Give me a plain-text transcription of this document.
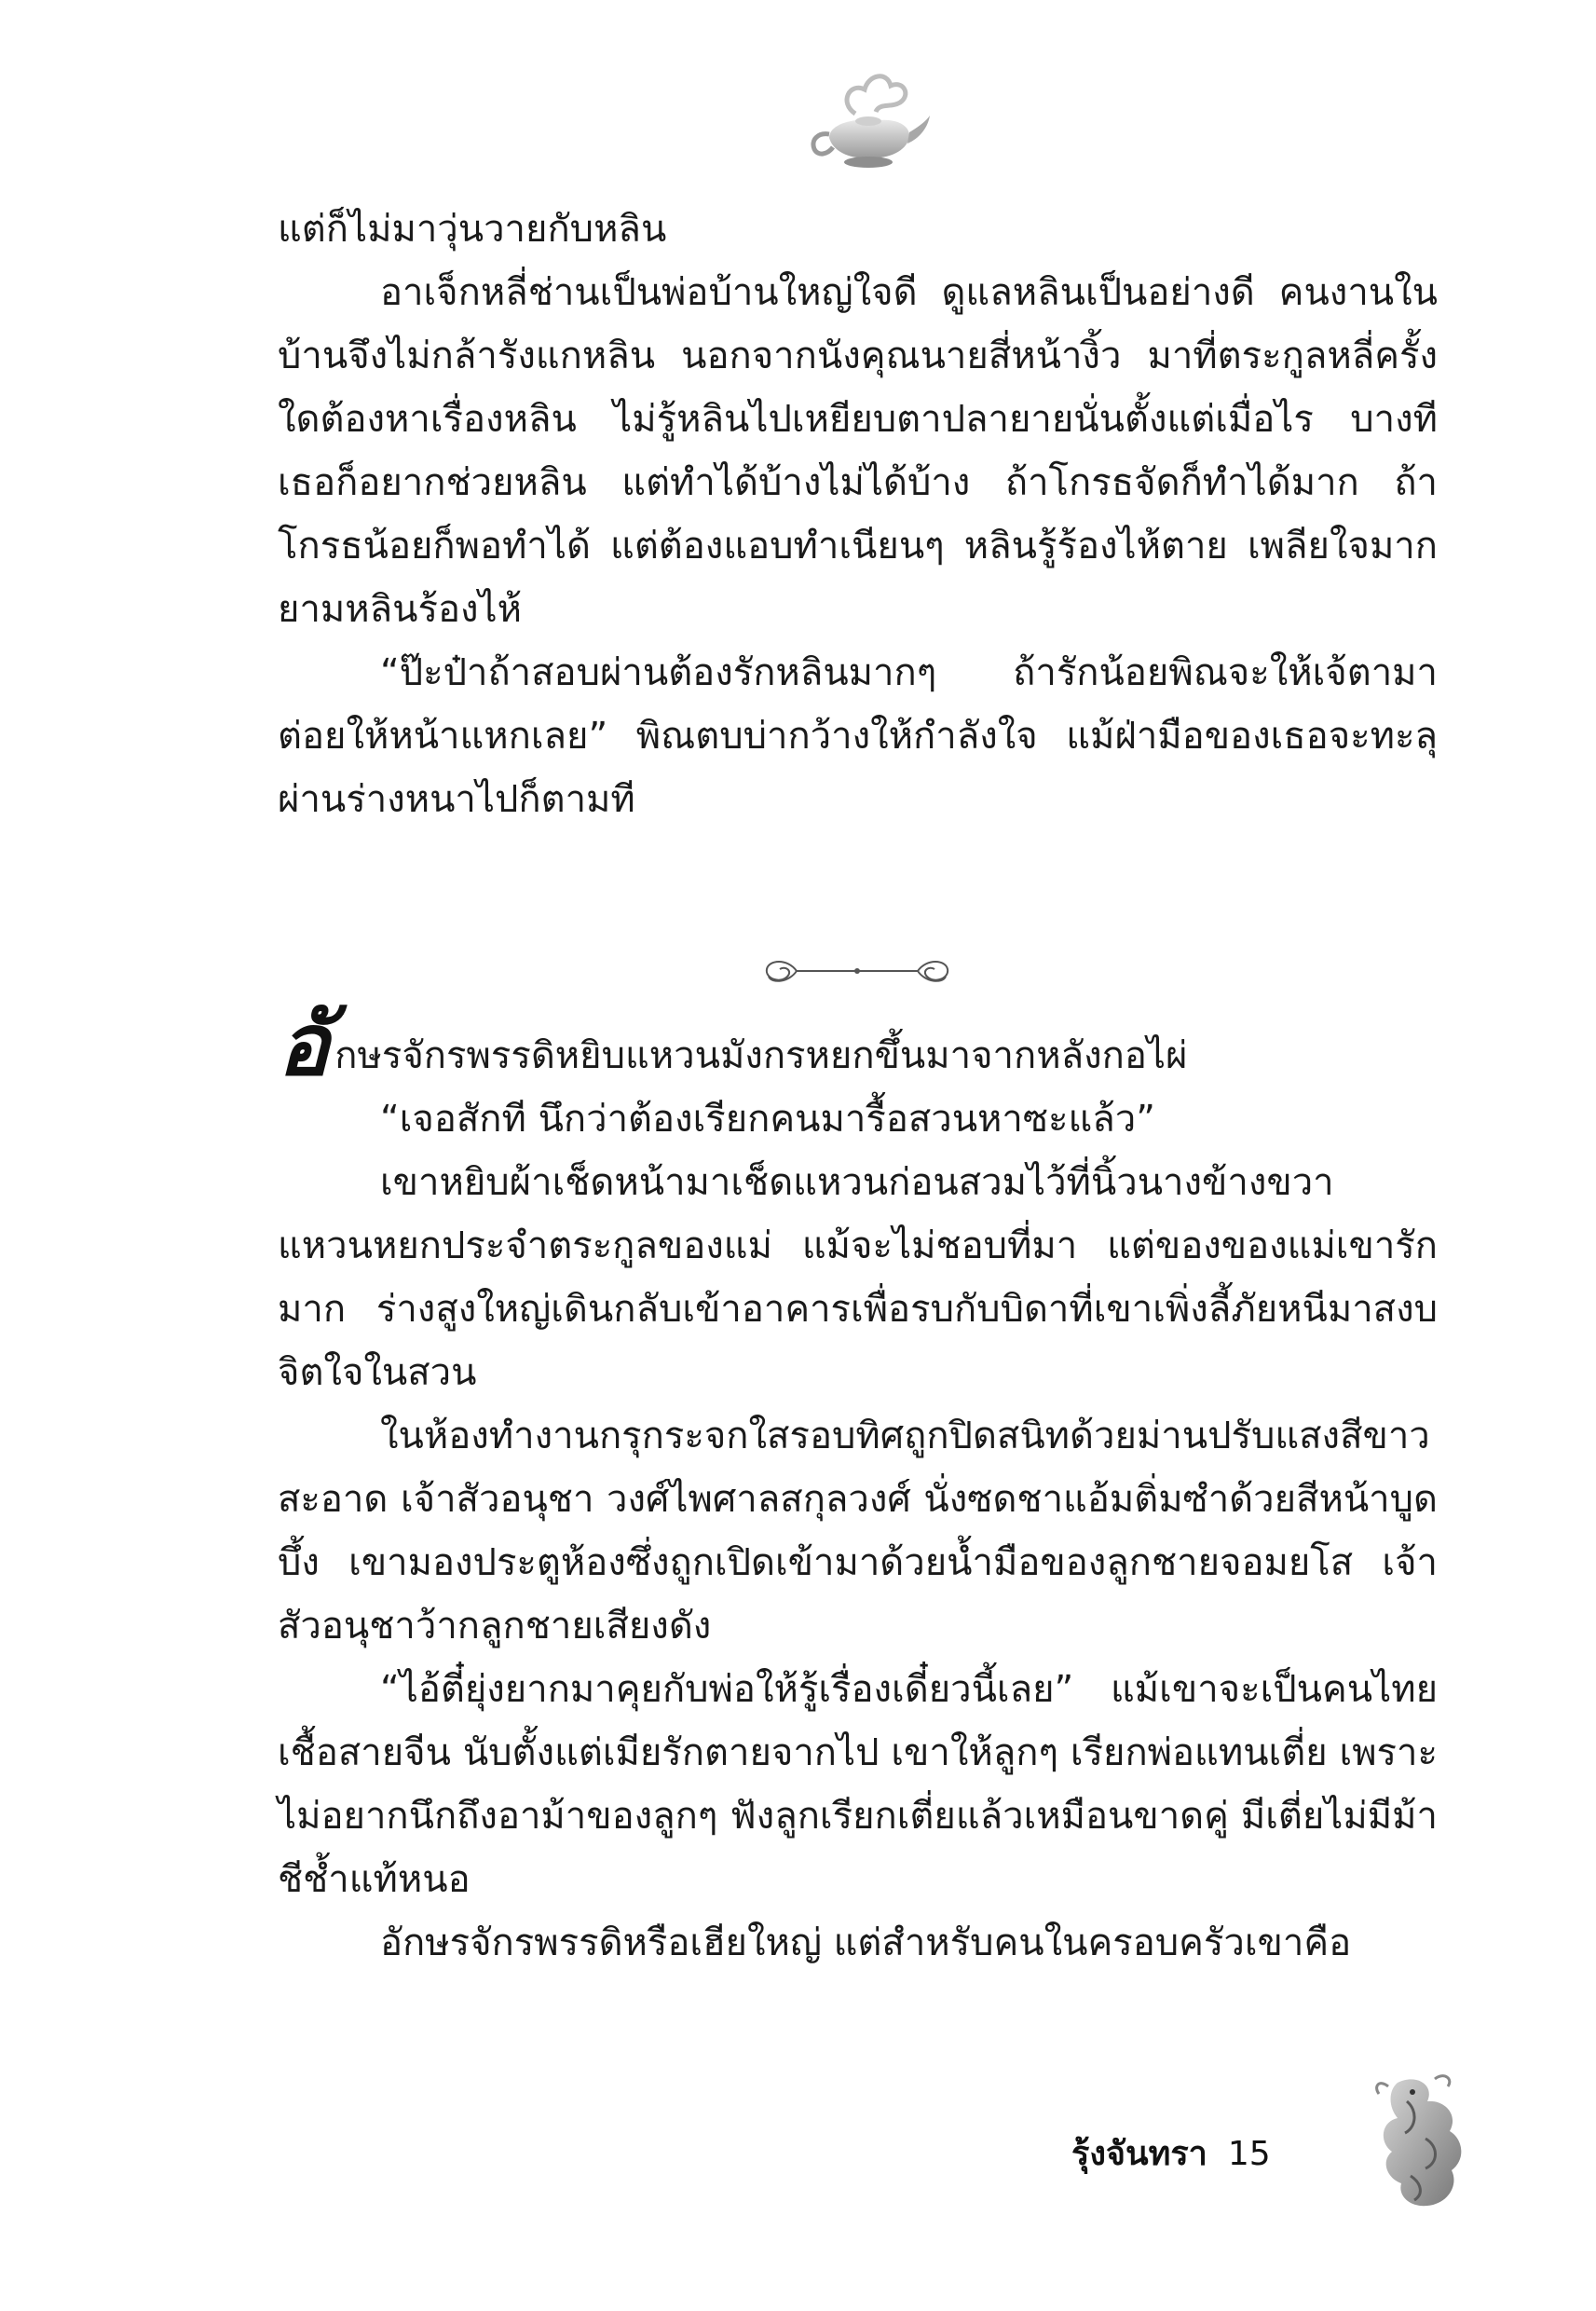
แต่ก็ไม่มาวุ่นวายกับหลิน

อาเจ็กหลี่ช่านเป็นพ่อบ้านใหญ่ใจดี ดูแลหลินเป็นอย่างดี คนงานในบ้านจึงไม่กล้ารังแกหลิน นอกจากนังคุณนายสี่หน้างิ้ว มาที่ตระกูลหลี่ครั้งใดต้องหาเรื่องหลิน ไม่รู้หลินไปเหยียบตาปลายายนั่นตั้งแต่เมื่อไร บางทีเธอก็อยากช่วยหลิน แต่ทำได้บ้างไม่ได้บ้าง ถ้าโกรธจัดก็ทำได้มาก ถ้าโกรธน้อยก็พอทำได้ แต่ต้องแอบทำเนียนๆ หลินรู้ร้องไห้ตาย เพลียใจมากยามหลินร้องไห้

“ป๊ะป๋าถ้าสอบผ่านต้องรักหลินมากๆ ถ้ารักน้อยพิณจะให้เจ้ตามาต่อยให้หน้าแหกเลย” พิณตบบ่ากว้างให้กำลังใจ แม้ฝ่ามือของเธอจะทะลุผ่านร่างหนาไปก็ตามที

อั กษรจักรพรรดิหยิบแหวนมังกรหยกขึ้นมาจากหลังกอไผ่

“เจอสักที นึกว่าต้องเรียกคนมารื้อสวนหาซะแล้ว”

เขาหยิบผ้าเช็ดหน้ามาเช็ดแหวนก่อนสวมไว้ที่นิ้วนางข้างขวา แหวนหยกประจำตระกูลของแม่ แม้จะไม่ชอบที่มา แต่ของของแม่เขารักมาก ร่างสูงใหญ่เดินกลับเข้าอาคารเพื่อรบกับบิดาที่เขาเพิ่งลี้ภัยหนีมาสงบจิตใจในสวน

ในห้องทำงานกรุกระจกใสรอบทิศถูกปิดสนิทด้วยม่านปรับแสงสีขาวสะอาด เจ้าสัวอนุชา วงศ์ไพศาลสกุลวงศ์ นั่งซดชาแอ้มติ่มซำด้วยสีหน้าบูดบึ้ง เขามองประตูห้องซึ่งถูกเปิดเข้ามาด้วยน้ำมือของลูกชายจอมยโส เจ้าสัวอนุชาว้ากลูกชายเสียงดัง

“ไอ้ตี๋ยุ่งยากมาคุยกับพ่อให้รู้เรื่องเดี๋ยวนี้เลย” แม้เขาจะเป็นคนไทยเชื้อสายจีน นับตั้งแต่เมียรักตายจากไป เขาให้ลูกๆ เรียกพ่อแทนเตี่ย เพราะไม่อยากนึกถึงอาม้าของลูกๆ ฟังลูกเรียกเตี่ยแล้วเหมือนขาดคู่ มีเตี่ยไม่มีม้าชีช้ำแท้หนอ

อักษรจักรพรรดิหรือเฮียใหญ่ แต่สำหรับคนในครอบครัวเขาคือ

รุ้งจันทรา 15
